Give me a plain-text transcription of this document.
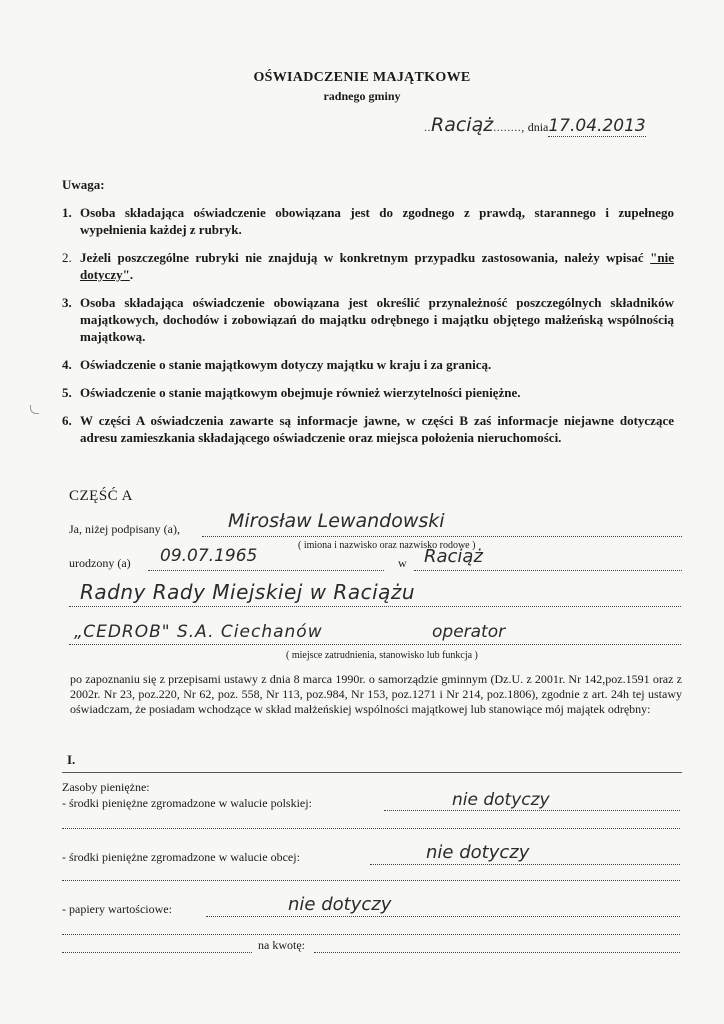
OŚWIADCZENIE MAJĄTKOWE
radnego gminy
..Raciąż........, dnia17.04.2013
Uwaga:
1. Osoba składająca oświadczenie obowiązana jest do zgodnego z prawdą, starannego i zupełnego wypełnienia każdej z rubryk.
2. Jeżeli poszczególne rubryki nie znajdują w konkretnym przypadku zastosowania, należy wpisać "nie dotyczy".
3. Osoba składająca oświadczenie obowiązana jest określić przynależność poszczególnych składników majątkowych, dochodów i zobowiązań do majątku odrębnego i majątku objętego małżeńską wspólnością majątkową.
4. Oświadczenie o stanie majątkowym dotyczy majątku w kraju i za granicą.
5. Oświadczenie o stanie majątkowym obejmuje również wierzytelności pieniężne.
6. W części A oświadczenia zawarte są informacje jawne, w części B zaś informacje niejawne dotyczące adresu zamieszkania składającego oświadczenie oraz miejsca położenia nieruchomości.
CZĘŚĆ A
Ja, niżej podpisany (a),	Mirosław Lewandowski
( imiona i nazwisko oraz nazwisko rodowe )
urodzony (a) 09.07.1965	w Raciąż
Radny Rady Miejskiej w Raciążu
„CEDROB" S.A. Ciechanów	operator
( miejsce zatrudnienia, stanowisko lub funkcja )
po zapoznaniu się z przepisami ustawy z dnia 8 marca 1990r. o samorządzie gminnym (Dz.U. z 2001r. Nr 142,poz.1591 oraz z 2002r. Nr 23, poz.220, Nr 62, poz. 558, Nr 113, poz.984, Nr 153, poz.1271 i Nr 214, poz.1806), zgodnie z art. 24h tej ustawy oświadczam, że posiadam wchodzące w skład małżeńskiej wspólności majątkowej lub stanowiące mój majątek odrębny:
I.
Zasoby pieniężne:
- środki pieniężne zgromadzone w walucie polskiej:	nie dotyczy
- środki pieniężne zgromadzone w walucie obcej:	nie dotyczy
- papiery wartościowe:	nie dotyczy
na kwotę:
